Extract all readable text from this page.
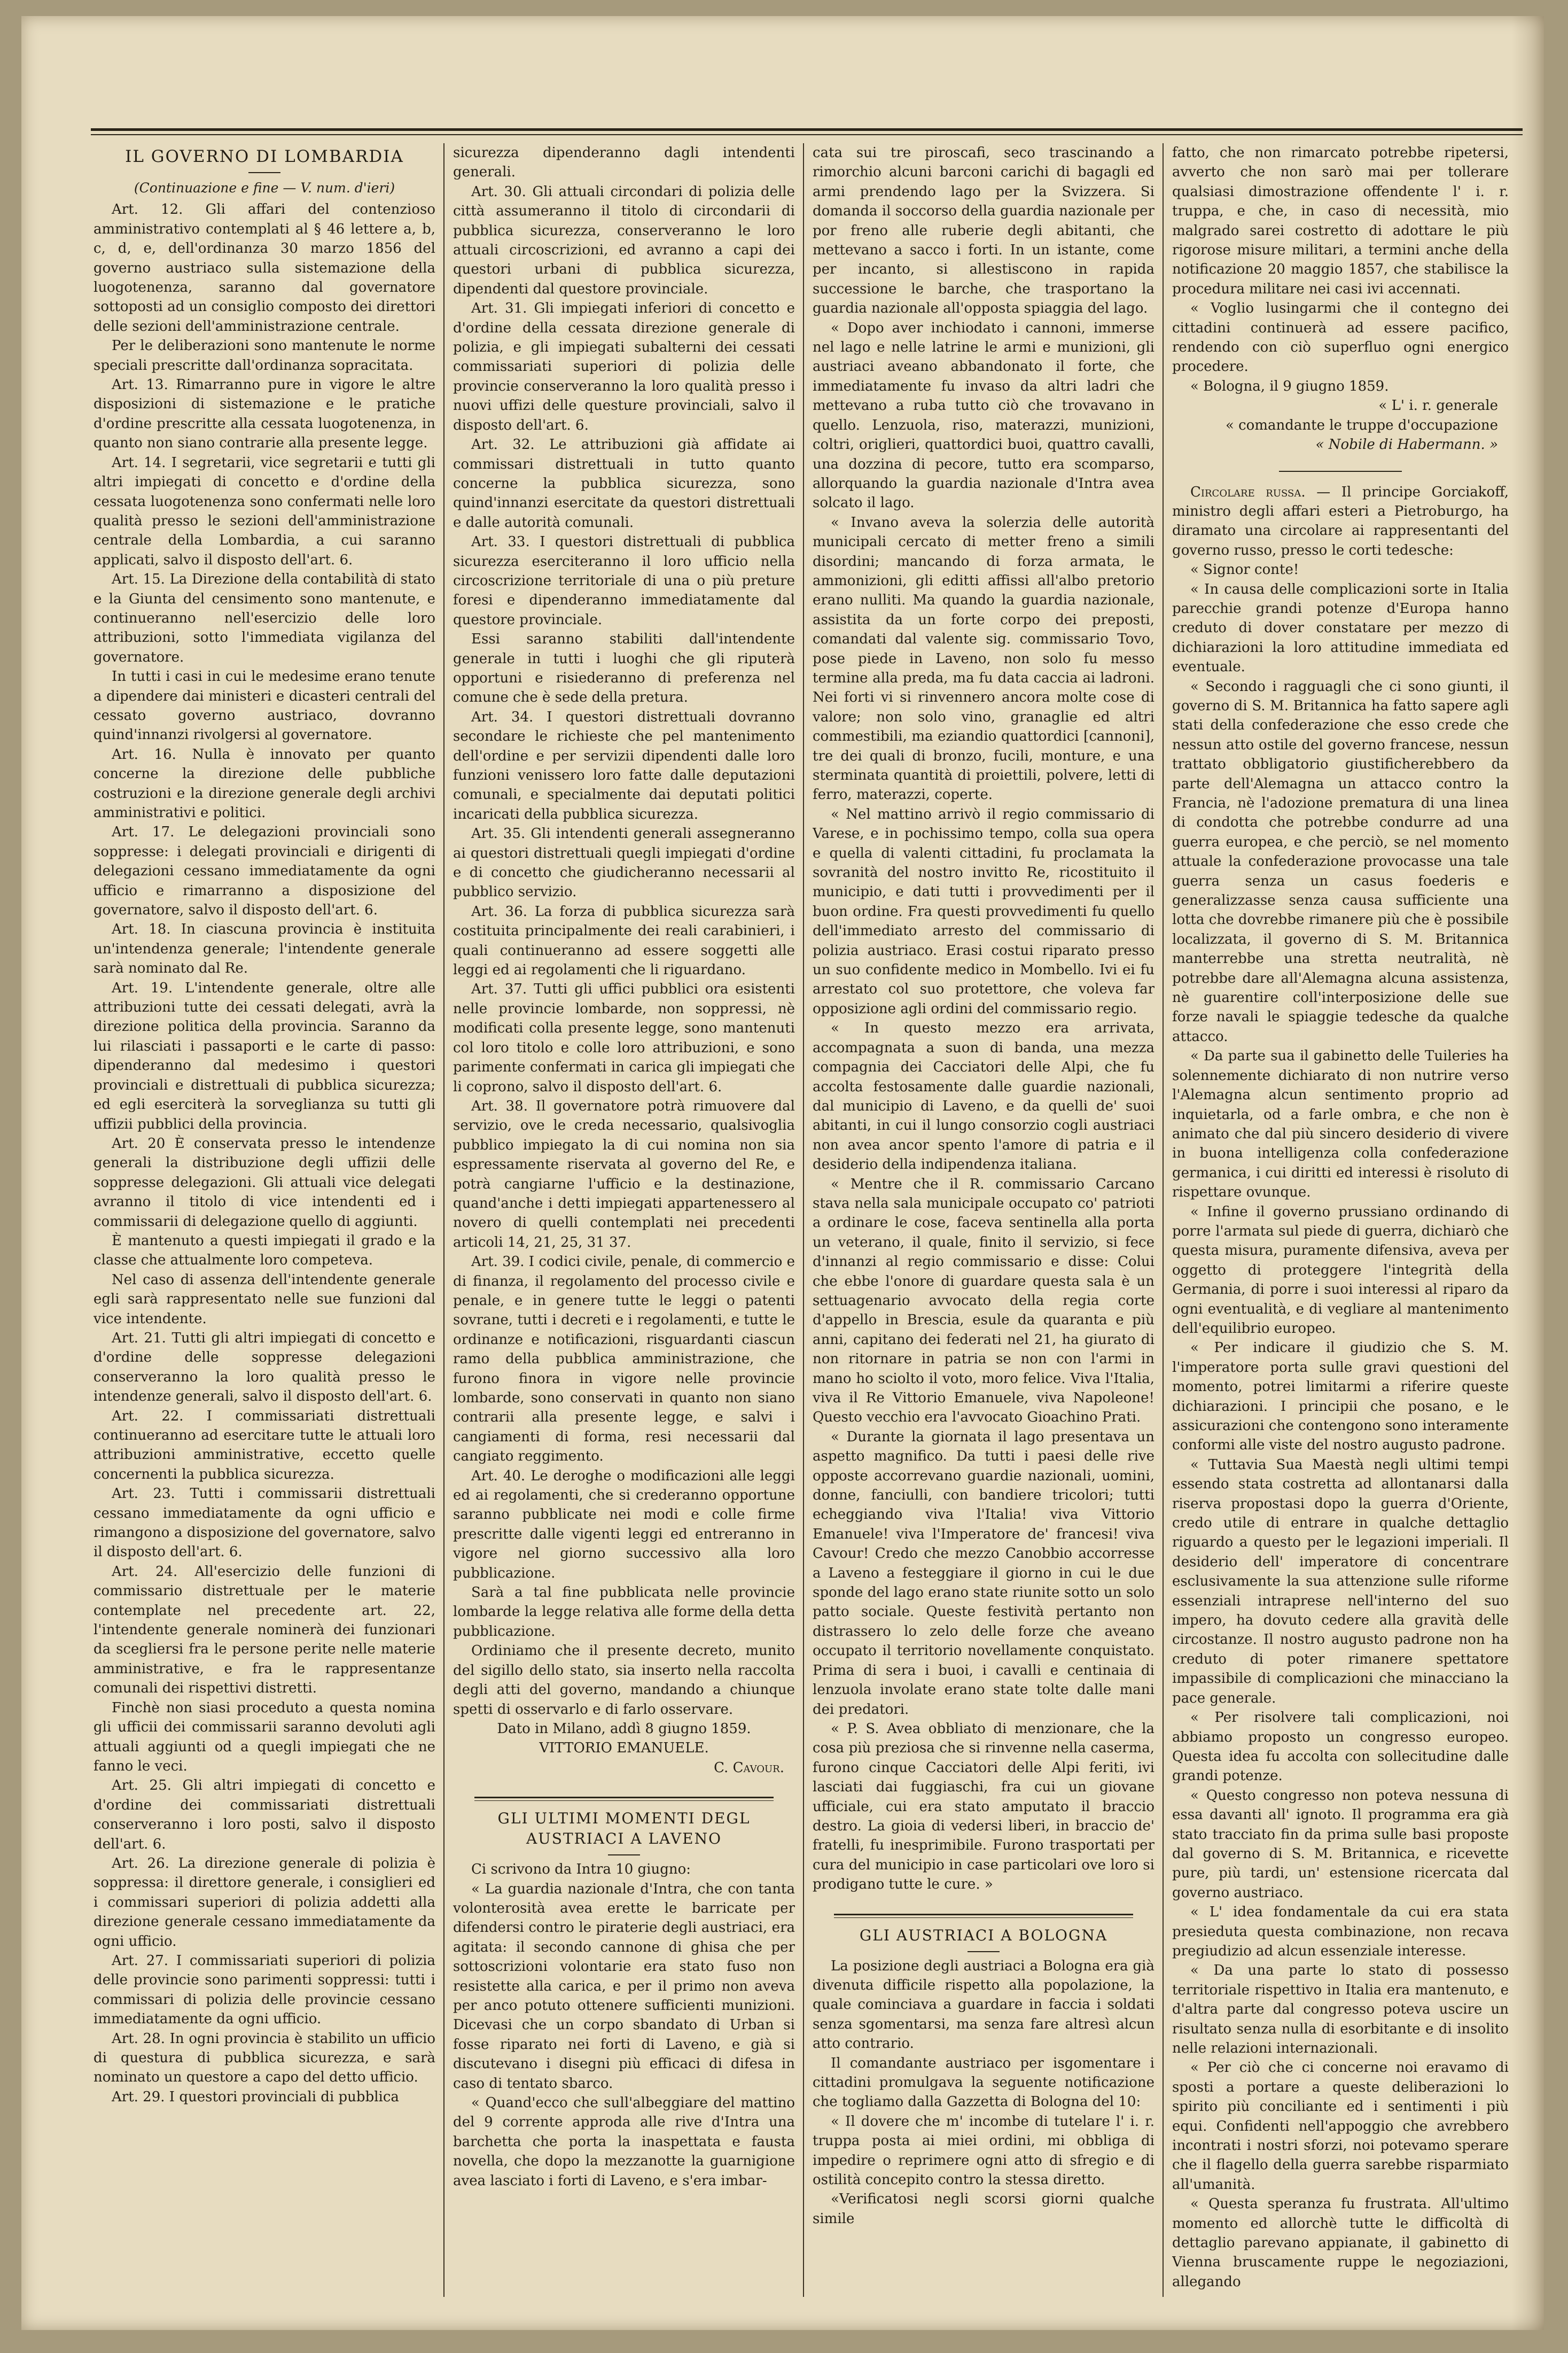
IL GOVERNO DI LOMBARDIA
(Continuazione e fine — V. num. d'ieri)

Art. 12. Gli affari del contenzioso amministrativo contemplati al § 46 lettere a, b, c, d, e, dell'ordinanza 30 marzo 1856 del governo austriaco sulla sistemazione della luogotenenza, saranno dal governatore sottoposti ad un consiglio composto dei direttori delle sezioni dell'amministrazione centrale.

Per le deliberazioni sono mantenute le norme speciali prescritte dall'ordinanza sopracitata.

Art. 13. Rimarranno pure in vigore le altre disposizioni di sistemazione e le pratiche d'ordine prescritte alla cessata luogotenenza, in quanto non siano contrarie alla presente legge.

Art. 14. I segretarii, vice segretarii e tutti gli altri impiegati di concetto e d'ordine della cessata luogotenenza sono confermati nelle loro qualità presso le sezioni dell'amministrazione centrale della Lombardia, a cui saranno applicati, salvo il disposto dell'art. 6.

Art. 15. La Direzione della contabilità di stato e la Giunta del censimento sono mantenute, e continueranno nell'esercizio delle loro attribuzioni, sotto l'immediata vigilanza del governatore.

In tutti i casi in cui le medesime erano tenute a dipendere dai ministeri e dicasteri centrali del cessato governo austriaco, dovranno quind'innanzi rivolgersi al governatore.

Art. 16. Nulla è innovato per quanto concerne la direzione delle pubbliche costruzioni e la direzione generale degli archivi amministrativi e politici.

Art. 17. Le delegazioni provinciali sono soppresse: i delegati provinciali e dirigenti di delegazioni cessano immediatamente da ogni ufficio e rimarranno a disposizione del governatore, salvo il disposto dell'art. 6.

Art. 18. In ciascuna provincia è instituita un'intendenza generale; l'intendente generale sarà nominato dal Re.

Art. 19. L'intendente generale, oltre alle attribuzioni tutte dei cessati delegati, avrà la direzione politica della provincia. Saranno da lui rilasciati i passaporti e le carte di passo: dipenderanno dal medesimo i questori provinciali e distrettuali di pubblica sicurezza; ed egli eserciterà la sorveglianza su tutti gli uffizii pubblici della provincia.

Art. 20 È conservata presso le intendenze generali la distribuzione degli uffizii delle soppresse delegazioni. Gli attuali vice delegati avranno il titolo di vice intendenti ed i commissarii di delegazione quello di aggiunti.

È mantenuto a questi impiegati il grado e la classe che attualmente loro competeva.

Nel caso di assenza dell'intendente generale egli sarà rappresentato nelle sue funzioni dal vice intendente.

Art. 21. Tutti gli altri impiegati di concetto e d'ordine delle soppresse delegazioni conserveranno la loro qualità presso le intendenze generali, salvo il disposto dell'art. 6.

Art. 22. I commissariati distrettuali continueranno ad esercitare tutte le attuali loro attribuzioni amministrative, eccetto quelle concernenti la pubblica sicurezza.

Art. 23. Tutti i commissarii distrettuali cessano immediatamente da ogni ufficio e rimangono a disposizione del governatore, salvo il disposto dell'art. 6.

Art. 24. All'esercizio delle funzioni di commissario distrettuale per le materie contemplate nel precedente art. 22, l'intendente generale nominerà dei funzionari da scegliersi fra le persone perite nelle materie amministrative, e fra le rappresentanze comunali dei rispettivi distretti.

Finchè non siasi proceduto a questa nomina gli ufficii dei commissarii saranno devoluti agli attuali aggiunti od a quegli impiegati che ne fanno le veci.

Art. 25. Gli altri impiegati di concetto e d'ordine dei commissariati distrettuali conserveranno i loro posti, salvo il disposto dell'art. 6.

Art. 26. La direzione generale di polizia è soppressa: il direttore generale, i consiglieri ed i commissari superiori di polizia addetti alla direzione generale cessano immediatamente da ogni ufficio.

Art. 27. I commissariati superiori di polizia delle provincie sono parimenti soppressi: tutti i commissari di polizia delle provincie cessano immediatamente da ogni ufficio.

Art. 28. In ogni provincia è stabilito un ufficio di questura di pubblica sicurezza, e sarà nominato un questore a capo del detto ufficio.

Art. 29. I questori provinciali di pubblica

sicurezza dipenderanno dagli intendenti generali.

Art. 30. Gli attuali circondari di polizia delle città assumeranno il titolo di circondarii di pubblica sicurezza, conserveranno le loro attuali circoscrizioni, ed avranno a capi dei questori urbani di pubblica sicurezza, dipendenti dal questore provinciale.

Art. 31. Gli impiegati inferiori di concetto e d'ordine della cessata direzione generale di polizia, e gli impiegati subalterni dei cessati commissariati superiori di polizia delle provincie conserveranno la loro qualità presso i nuovi uffizi delle questure provinciali, salvo il disposto dell'art. 6.

Art. 32. Le attribuzioni già affidate ai commissari distrettuali in tutto quanto concerne la pubblica sicurezza, sono quind'innanzi esercitate da questori distrettuali e dalle autorità comunali.

Art. 33. I questori distrettuali di pubblica sicurezza eserciteranno il loro ufficio nella circoscrizione territoriale di una o più preture foresi e dipenderanno immediatamente dal questore provinciale.

Essi saranno stabiliti dall'intendente generale in tutti i luoghi che gli riputerà opportuni e risiederanno di preferenza nel comune che è sede della pretura.

Art. 34. I questori distrettuali dovranno secondare le richieste che pel mantenimento dell'ordine e per servizii dipendenti dalle loro funzioni venissero loro fatte dalle deputazioni comunali, e specialmente dai deputati politici incaricati della pubblica sicurezza.

Art. 35. Gli intendenti generali assegneranno ai questori distrettuali quegli impiegati d'ordine e di concetto che giudicheranno necessarii al pubblico servizio.

Art. 36. La forza di pubblica sicurezza sarà costituita principalmente dei reali carabinieri, i quali continueranno ad essere soggetti alle leggi ed ai regolamenti che li riguardano.

Art. 37. Tutti gli uffici pubblici ora esistenti nelle provincie lombarde, non soppressi, nè modificati colla presente legge, sono mantenuti col loro titolo e colle loro attribuzioni, e sono parimente confermati in carica gli impiegati che li coprono, salvo il disposto dell'art. 6.

Art. 38. Il governatore potrà rimuovere dal servizio, ove le creda necessario, qualsivoglia pubblico impiegato la di cui nomina non sia espressamente riservata al governo del Re, e potrà cangiarne l'ufficio e la destinazione, quand'anche i detti impiegati appartenessero al novero di quelli contemplati nei precedenti articoli 14, 21, 25, 31 37.

Art. 39. I codici civile, penale, di commercio e di finanza, il regolamento del processo civile e penale, e in genere tutte le leggi o patenti sovrane, tutti i decreti e i regolamenti, e tutte le ordinanze e notificazioni, risguardanti ciascun ramo della pubblica amministrazione, che furono finora in vigore nelle provincie lombarde, sono conservati in quanto non siano contrarii alla presente legge, e salvi i cangiamenti di forma, resi necessarii dal cangiato reggimento.

Art. 40. Le deroghe o modificazioni alle leggi ed ai regolamenti, che si crederanno opportune saranno pubblicate nei modi e colle firme prescritte dalle vigenti leggi ed entreranno in vigore nel giorno successivo alla loro pubblicazione.

Sarà a tal fine pubblicata nelle provincie lombarde la legge relativa alle forme della detta pubblicazione.

Ordiniamo che il presente decreto, munito del sigillo dello stato, sia inserto nella raccolta degli atti del governo, mandando a chiunque spetti di osservarlo e di farlo osservare.

Dato in Milano, addì 8 giugno 1859.

VITTORIO EMANUELE.

C. Cavour.

GLI ULTIMI MOMENTI DEGL AUSTRIACI A LAVENO

Ci scrivono da Intra 10 giugno:

« La guardia nazionale d'Intra, che con tanta volonterosità avea erette le barricate per difendersi contro le piraterie degli austriaci, era agitata: il secondo cannone di ghisa che per sottoscrizioni volontarie era stato fuso non resistette alla carica, e per il primo non aveva per anco potuto ottenere sufficienti munizioni. Dicevasi che un corpo sbandato di Urban si fosse riparato nei forti di Laveno, e già si discutevano i disegni più efficaci di difesa in caso di tentato sbarco.

« Quand'ecco che sull'albeggiare del mattino del 9 corrente approda alle rive d'Intra una barchetta che porta la inaspettata e fausta novella, che dopo la mezzanotte la guarnigione avea lasciato i forti di Laveno, e s'era imbar-

cata sui tre piroscafi, seco trascinando a rimorchio alcuni barconi carichi di bagagli ed armi prendendo lago per la Svizzera. Si domanda il soccorso della guardia nazionale per por freno alle ruberie degli abitanti, che mettevano a sacco i forti. In un istante, come per incanto, si allestiscono in rapida successione le barche, che trasportano la guardia nazionale all'opposta spiaggia del lago.

« Dopo aver inchiodato i cannoni, immerse nel lago e nelle latrine le armi e munizioni, gli austriaci aveano abbandonato il forte, che immediatamente fu invaso da altri ladri che mettevano a ruba tutto ciò che trovavano in quello. Lenzuola, riso, materazzi, munizioni, coltri, origlieri, quattordici buoi, quattro cavalli, una dozzina di pecore, tutto era scomparso, allorquando la guardia nazionale d'Intra avea solcato il lago.

« Invano aveva la solerzia delle autorità municipali cercato di metter freno a simili disordini; mancando di forza armata, le ammonizioni, gli editti affissi all'albo pretorio erano nulliti. Ma quando la guardia nazionale, assistita da un forte corpo dei preposti, comandati dal valente sig. commissario Tovo, pose piede in Laveno, non solo fu messo termine alla preda, ma fu data caccia ai ladroni. Nei forti vi si rinvennero ancora molte cose di valore; non solo vino, granaglie ed altri commestibili, ma eziandio quattordici [cannoni], tre dei quali di bronzo, fucili, monture, e una sterminata quantità di proiettili, polvere, letti di ferro, materazzi, coperte.

« Nel mattino arrivò il regio commissario di Varese, e in pochissimo tempo, colla sua opera e quella di valenti cittadini, fu proclamata la sovranità del nostro invitto Re, ricostituito il municipio, e dati tutti i provvedimenti per il buon ordine. Fra questi provvedimenti fu quello dell'immediato arresto del commissario di polizia austriaco. Erasi costui riparato presso un suo confidente medico in Mombello. Ivi ei fu arrestato col suo protettore, che voleva far opposizione agli ordini del commissario regio.

« In questo mezzo era arrivata, accompagnata a suon di banda, una mezza compagnia dei Cacciatori delle Alpi, che fu accolta festosamente dalle guardie nazionali, dal municipio di Laveno, e da quelli de' suoi abitanti, in cui il lungo consorzio cogli austriaci non avea ancor spento l'amore di patria e il desiderio della indipendenza italiana.

« Mentre che il R. commissario Carcano stava nella sala municipale occupato co' patrioti a ordinare le cose, faceva sentinella alla porta un veterano, il quale, finito il servizio, si fece d'innanzi al regio commissario e disse: Colui che ebbe l'onore di guardare questa sala è un settuagenario avvocato della regia corte d'appello in Brescia, esule da quaranta e più anni, capitano dei federati nel 21, ha giurato di non ritornare in patria se non con l'armi in mano ho sciolto il voto, moro felice. Viva l'Italia, viva il Re Vittorio Emanuele, viva Napoleone! Questo vecchio era l'avvocato Gioachino Prati.

« Durante la giornata il lago presentava un aspetto magnifico. Da tutti i paesi delle rive opposte accorrevano guardie nazionali, uomini, donne, fanciulli, con bandiere tricolori; tutti echeggiando viva l'Italia! viva Vittorio Emanuele! viva l'Imperatore de' francesi! viva Cavour! Credo che mezzo Canobbio accorresse a Laveno a festeggiare il giorno in cui le due sponde del lago erano state riunite sotto un solo patto sociale. Queste festività pertanto non distrassero lo zelo delle forze che aveano occupato il territorio novellamente conquistato. Prima di sera i buoi, i cavalli e centinaia di lenzuola involate erano state tolte dalle mani dei predatori.

« P. S. Avea obbliato di menzionare, che la cosa più preziosa che si rinvenne nella caserma, furono cinque Cacciatori delle Alpi feriti, ivi lasciati dai fuggiaschi, fra cui un giovane ufficiale, cui era stato amputato il braccio destro. La gioia di vedersi liberi, in braccio de' fratelli, fu inesprimibile. Furono trasportati per cura del municipio in case particolari ove loro si prodigano tutte le cure. »

GLI AUSTRIACI A BOLOGNA

La posizione degli austriaci a Bologna era già divenuta difficile rispetto alla popolazione, la quale cominciava a guardare in faccia i soldati senza sgomentarsi, ma senza fare altresì alcun atto contrario.

Il comandante austriaco per isgomentare i cittadini promulgava la seguente notificazione che togliamo dalla Gazzetta di Bologna del 10:

« Il dovere che m' incombe di tutelare l' i. r. truppa posta ai miei ordini, mi obbliga di impedire o reprimere ogni atto di sfregio e di ostilità concepito contro la stessa diretto.

«Verificatosi negli scorsi giorni qualche simile

fatto, che non rimarcato potrebbe ripetersi, avverto che non sarò mai per tollerare qualsiasi dimostrazione offendente l' i. r. truppa, e che, in caso di necessità, mio malgrado sarei costretto di adottare le più rigorose misure militari, a termini anche della notificazione 20 maggio 1857, che stabilisce la procedura militare nei casi ivi accennati.

« Voglio lusingarmi che il contegno dei cittadini continuerà ad essere pacifico, rendendo con ciò superfluo ogni energico procedere.

« Bologna, il 9 giugno 1859.

« L' i. r. generale

« comandante le truppe d'occupazione

« Nobile di Habermann. »

Circolare russa. — Il principe Gorciakoff, ministro degli affari esteri a Pietroburgo, ha diramato una circolare ai rappresentanti del governo russo, presso le corti tedesche:

« Signor conte!

« In causa delle complicazioni sorte in Italia parecchie grandi potenze d'Europa hanno creduto di dover constatare per mezzo di dichiarazioni la loro attitudine immediata ed eventuale.

« Secondo i ragguagli che ci sono giunti, il governo di S. M. Britannica ha fatto sapere agli stati della confederazione che esso crede che nessun atto ostile del governo francese, nessun trattato obbligatorio giustificherebbero da parte dell'Alemagna un attacco contro la Francia, nè l'adozione prematura di una linea di condotta che potrebbe condurre ad una guerra europea, e che perciò, se nel momento attuale la confederazione provocasse una tale guerra senza un casus foederis e generalizzasse senza causa sufficiente una lotta che dovrebbe rimanere più che è possibile localizzata, il governo di S. M. Britannica manterrebbe una stretta neutralità, nè potrebbe dare all'Alemagna alcuna assistenza, nè guarentire coll'interposizione delle sue forze navali le spiaggie tedesche da qualche attacco.

« Da parte sua il gabinetto delle Tuileries ha solennemente dichiarato di non nutrire verso l'Alemagna alcun sentimento proprio ad inquietarla, od a farle ombra, e che non è animato che dal più sincero desiderio di vivere in buona intelligenza colla confederazione germanica, i cui diritti ed interessi è risoluto di rispettare ovunque.

« Infine il governo prussiano ordinando di porre l'armata sul piede di guerra, dichiarò che questa misura, puramente difensiva, aveva per oggetto di proteggere l'integrità della Germania, di porre i suoi interessi al riparo da ogni eventualità, e di vegliare al mantenimento dell'equilibrio europeo.

« Per indicare il giudizio che S. M. l'imperatore porta sulle gravi questioni del momento, potrei limitarmi a riferire queste dichiarazioni. I principii che posano, e le assicurazioni che contengono sono interamente conformi alle viste del nostro augusto padrone.

« Tuttavia Sua Maestà negli ultimi tempi essendo stata costretta ad allontanarsi dalla riserva propostasi dopo la guerra d'Oriente, credo utile di entrare in qualche dettaglio riguardo a questo per le legazioni imperiali. Il desiderio dell' imperatore di concentrare esclusivamente la sua attenzione sulle riforme essenziali intraprese nell'interno del suo impero, ha dovuto cedere alla gravità delle circostanze. Il nostro augusto padrone non ha creduto di poter rimanere spettatore impassibile di complicazioni che minacciano la pace generale.

« Per risolvere tali complicazioni, noi abbiamo proposto un congresso europeo. Questa idea fu accolta con sollecitudine dalle grandi potenze.

« Questo congresso non poteva nessuna di essa davanti all' ignoto. Il programma era già stato tracciato fin da prima sulle basi proposte dal governo di S. M. Britannica, e ricevette pure, più tardi, un' estensione ricercata dal governo austriaco.

« L' idea fondamentale da cui era stata presieduta questa combinazione, non recava pregiudizio ad alcun essenziale interesse.

« Da una parte lo stato di possesso territoriale rispettivo in Italia era mantenuto, e d'altra parte dal congresso poteva uscire un risultato senza nulla di esorbitante e di insolito nelle relazioni internazionali.

« Per ciò che ci concerne noi eravamo di sposti a portare a queste deliberazioni lo spirito più conciliante ed i sentimenti i più equi. Confidenti nell'appoggio che avrebbero incontrati i nostri sforzi, noi potevamo sperare che il flagello della guerra sarebbe risparmiato all'umanità.

« Questa speranza fu frustrata. All'ultimo momento ed allorchè tutte le difficoltà di dettaglio parevano appianate, il gabinetto di Vienna bruscamente ruppe le negoziazioni, allegando
